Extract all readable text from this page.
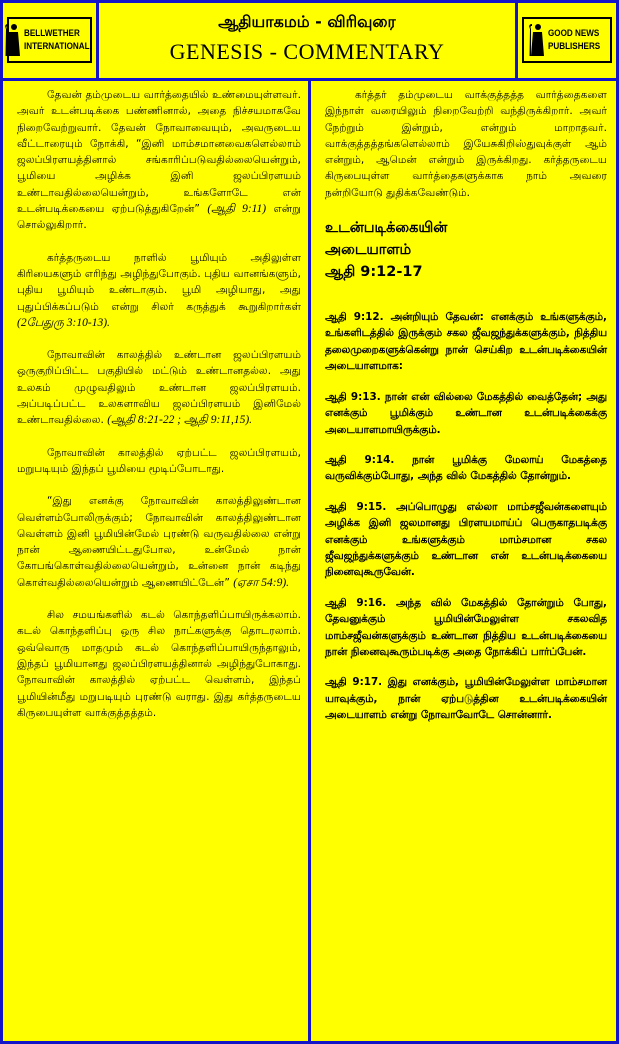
BELLWETHER
INTERNATIONAL
ஆதியாகமம் - விரிவுரை
GENESIS - COMMENTARY
GOOD NEWS
PUBLISHERS

தேவன் தம்முடைய வார்த்தையில் உண்மையுள்ளவர். அவர் உடன்படிக்கை பண்ணினால், அதை நிச்சயமாகவே நிறைவேற்றுவார். தேவன் நோவாவையும், அவருடைய வீட்டாரையும் நோக்கி, “இனி மாம்சமானவைகளெல்லாம் ஜலப்பிரளயத்தினால் சங்காரிப்படுவதில்லையென்றும், பூமியை அழிக்க இனி ஜலப்பிரளயம் உண்டாவதில்லையென்றும், உங்களோடே என் உடன்படிக்கையை ஏற்படுத்துகிறேன்” (ஆதி 9:11) என்று சொல்லுகிறார்.

கர்த்தருடைய நாளில் பூமியும் அதிலுள்ள கிரியைகளும் எரிந்து அழிந்துபோகும். புதிய வானங்களும், புதிய பூமியும் உண்டாகும். பூமி அழியாது, அது புதுப்பிக்கப்படும் என்று சிலர் கருத்துக் கூறுகிறார்கள் (2பேதுரு 3:10-13).

நோவாவின் காலத்தில் உண்டான ஜலப்பிரளயம் ஒருகுறிப்பிட்ட பகுதியில் மட்டும் உண்டானதல்ல. அது உலகம் முழுவதிலும் உண்டான ஜலப்பிரளயம். அப்படிப்பட்ட உலகளாவிய ஜலப்பிரளயம் இனிமேல் உண்டாவதில்லை. (ஆதி 8:21-22 ; ஆதி 9:11,15).

நோவாவின் காலத்தில் ஏற்பட்ட ஜலப்பிரளயம், மறுபடியும் இந்தப் பூமியை மூடிப்போடாது.

“இது எனக்கு நோவாவின் காலத்திலுண்டான வெள்ளம்போலிருக்கும்; நோவாவின் காலத்திலுண்டான வெள்ளம் இனி பூமியின்மேல் புரண்டு வருவதில்லை என்று நான் ஆணையிட்டதுபோல, உன்மேல் நான் கோபங்கொள்வதில்லையென்றும், உன்னை நான் கடிந்து கொள்வதில்லையென்றும் ஆணையிட்டேன்” (ஏசா 54:9).

சில சமயங்களில் கடல் கொந்தளிப்பாயிருக்கலாம். கடல் கொந்தளிப்பு ஒரு சில நாட்களுக்கு தொடரலாம். ஒவ்வொரு மாதமும் கடல் கொந்தளிப்பாயிருந்தாலும், இந்தப் பூமியானது ஜலப்பிரளயத்தினால் அழிந்துபோகாது. நோவாவின் காலத்தில் ஏற்பட்ட வெள்ளம், இந்தப் பூமியின்மீது மறுபடியும் புரண்டு வராது. இது கர்த்தருடைய கிருபையுள்ள வாக்குத்தத்தம்.

கர்த்தர் தம்முடைய வாக்குத்தத்த வார்த்தைகளை இந்நாள் வரையிலும் நிறைவேற்றி வந்திருக்கிறார். அவர் நேற்றும் இன்றும், என்றும் மாறாதவர். வாக்குத்தத்தங்களெல்லாம் இயேசுகிறிஸ்துவுக்குள் ஆம் என்றும், ஆமென் என்றும் இருக்கிறது. கர்த்தருடைய கிருபையுள்ள வார்த்தைகளுக்காக நாம் அவரை நன்றியோடு துதிக்கவேண்டும்.

உடன்படிக்கையின்
அடையாளம்
ஆதி 9:12-17

ஆதி 9:12. அன்றியும் தேவன்: எனக்கும் உங்களுக்கும், உங்களிடத்தில் இருக்கும் சகல ஜீவஜந்துக்களுக்கும், நித்திய தலைமுறைகளுக்கென்று நான் செய்கிற உடன்படிக்கையின் அடையாளமாக:

ஆதி 9:13. நான் என் வில்லை மேகத்தில் வைத்தேன்; அது எனக்கும் பூமிக்கும் உண்டான உடன்படிக்கைக்கு அடையாளமாயிருக்கும்.

ஆதி 9:14. நான் பூமிக்கு மேலாய் மேகத்தை வருவிக்கும்போது, அந்த வில் மேகத்தில் தோன்றும்.

ஆதி 9:15. அப்பொழுது எல்லா மாம்சஜீவன்களையும் அழிக்க இனி ஜலமானது பிரளயமாய்ப் பெருகாதபடிக்கு எனக்கும் உங்களுக்கும் மாம்சமான சகல ஜீவஜந்துக்களுக்கும் உண்டான என் உடன்படிக்கையை நினைவுகூருவேன்.

ஆதி 9:16. அந்த வில் மேகத்தில் தோன்றும் போது, தேவனுக்கும் பூமியின்மேலுள்ள சகலவித மாம்சஜீவன்களுக்கும் உண்டான நித்திய உடன்படிக்கையை நான் நினைவுகூரும்படிக்கு அதை நோக்கிப் பார்ப்பேன்.

ஆதி 9:17. இது எனக்கும், பூமியின்மேலுள்ள மாம்சமான யாவுக்கும், நான் ஏற்படுத்தின உடன்படிக்கையின் அடையாளம் என்று நோவாவோடே சொன்னார்.
